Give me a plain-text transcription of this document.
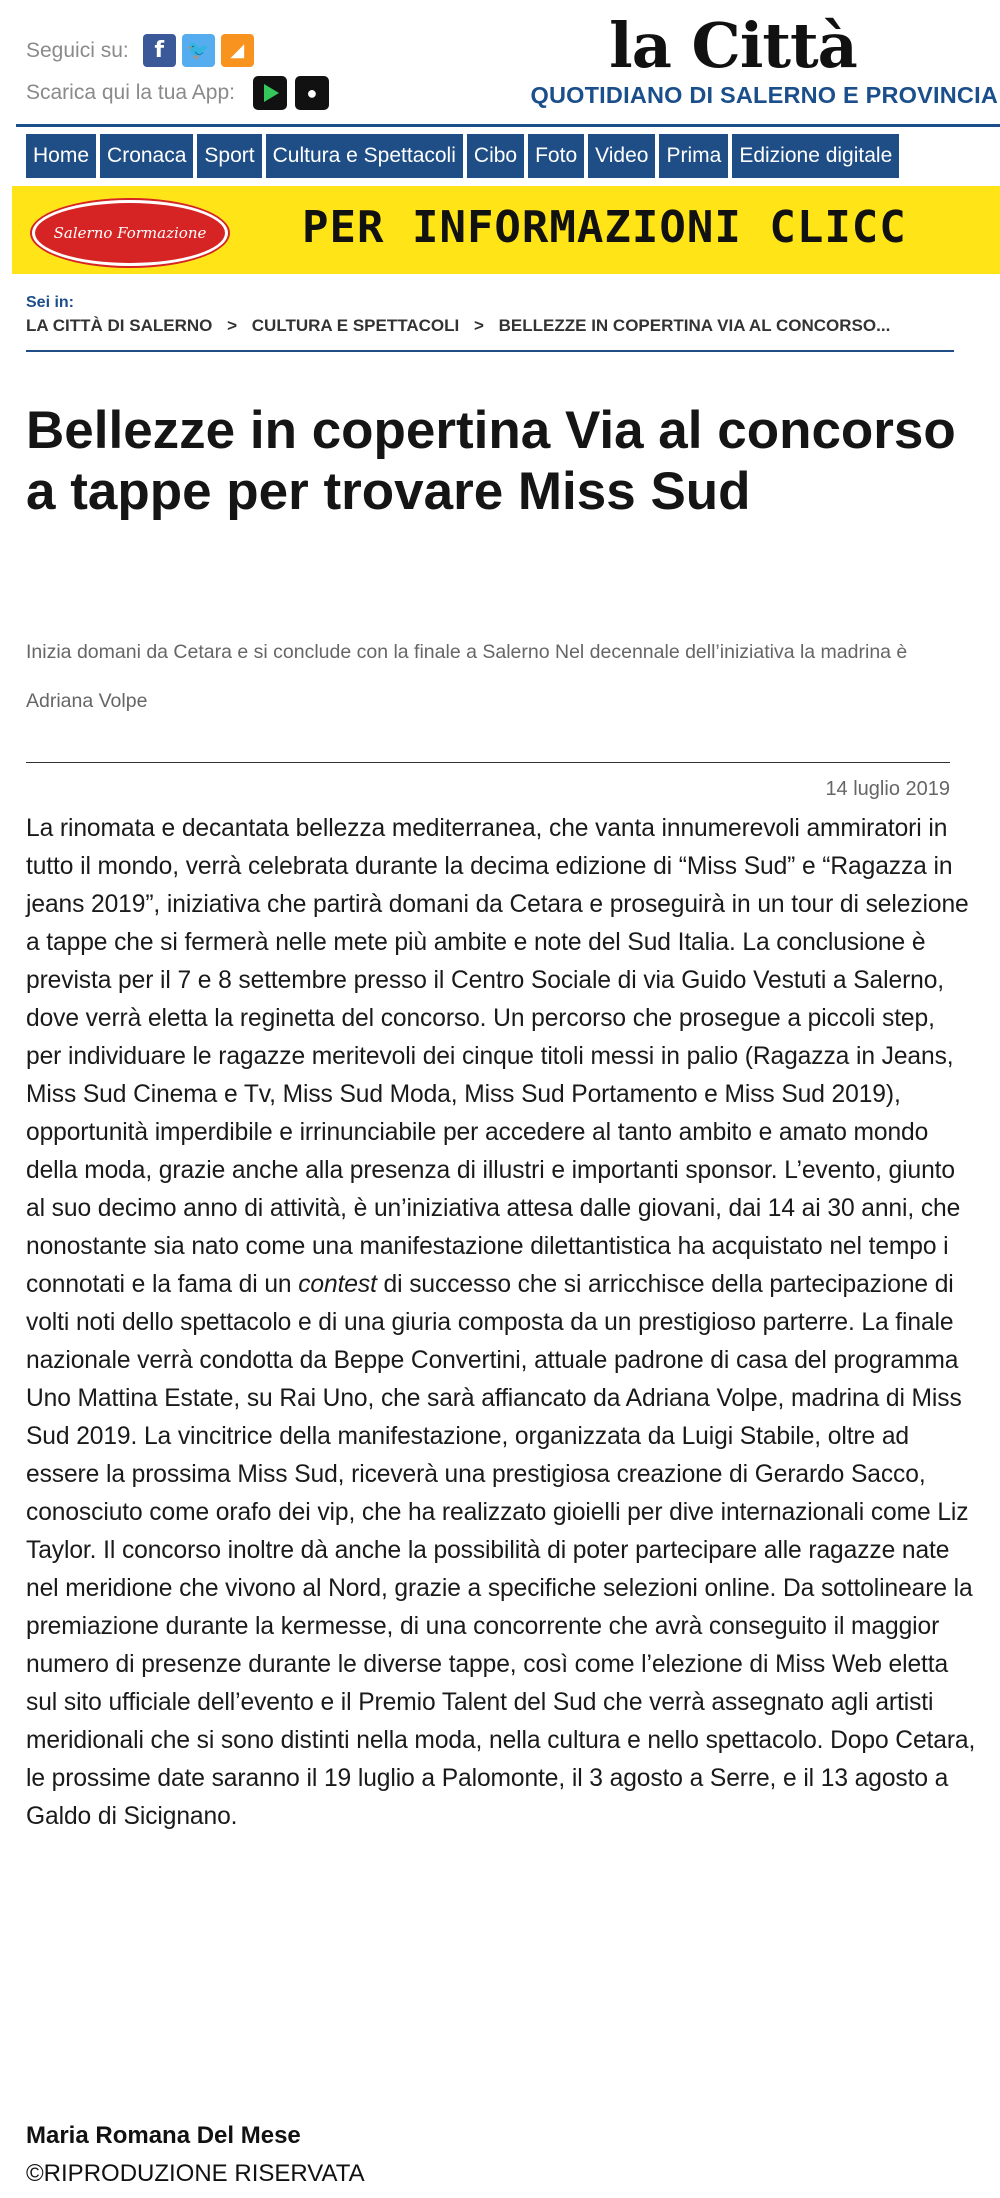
Seguici su:	f	🐦	◢
Scarica qui la tua App:	●
la Città
QUOTIDIANO DI SALERNO E PROVINCIA
Home Cronaca Sport Cultura e Spettacoli Cibo Foto Video Prima Edizione digitale
Salerno Formazione	PER INFORMAZIONI CLICC
Sei in:
LA CITTÀ DI SALERNO > CULTURA E SPETTACOLI > BELLEZZE IN COPERTINA VIA AL CONCORSO...
Bellezze in copertina Via al concorso a tappe per trovare Miss Sud
Inizia domani da Cetara e si conclude con la finale a Salerno Nel decennale dell’iniziativa la madrina è Adriana Volpe
14 luglio 2019
La rinomata e decantata bellezza mediterranea, che vanta innumerevoli ammiratori in tutto il mondo, verrà celebrata durante la decima edizione di “Miss Sud” e “Ragazza in jeans 2019”, iniziativa che partirà domani da Cetara e proseguirà in un tour di selezione a tappe che si fermerà nelle mete più ambite e note del Sud Italia. La conclusione è prevista per il 7 e 8 settembre presso il Centro Sociale di via Guido Vestuti a Salerno, dove verrà eletta la reginetta del concorso. Un percorso che prosegue a piccoli step, per individuare le ragazze meritevoli dei cinque titoli messi in palio (Ragazza in Jeans, Miss Sud Cinema e Tv, Miss Sud Moda, Miss Sud Portamento e Miss Sud 2019), opportunità imperdibile e irrinunciabile per accedere al tanto ambito e amato mondo della moda, grazie anche alla presenza di illustri e importanti sponsor. L’evento, giunto al suo decimo anno di attività, è un’iniziativa attesa dalle giovani, dai 14 ai 30 anni, che nonostante sia nato come una manifestazione dilettantistica ha acquistato nel tempo i connotati e la fama di un contest di successo che si arricchisce della partecipazione di volti noti dello spettacolo e di una giuria composta da un prestigioso parterre. La finale nazionale verrà condotta da Beppe Convertini, attuale padrone di casa del programma Uno Mattina Estate, su Rai Uno, che sarà affiancato da Adriana Volpe, madrina di Miss Sud 2019. La vincitrice della manifestazione, organizzata da Luigi Stabile, oltre ad essere la prossima Miss Sud, riceverà una prestigiosa creazione di Gerardo Sacco, conosciuto come orafo dei vip, che ha realizzato gioielli per dive internazionali come Liz Taylor. Il concorso inoltre dà anche la possibilità di poter partecipare alle ragazze nate nel meridione che vivono al Nord, grazie a specifiche selezioni online. Da sottolineare la premiazione durante la kermesse, di una concorrente che avrà conseguito il maggior numero di presenze durante le diverse tappe, così come l’elezione di Miss Web eletta sul sito ufficiale dell’evento e il Premio Talent del Sud che verrà assegnato agli artisti meridionali che si sono distinti nella moda, nella cultura e nello spettacolo. Dopo Cetara, le prossime date saranno il 19 luglio a Palomonte, il 3 agosto a Serre, e il 13 agosto a Galdo di Sicignano.
Maria Romana Del Mese
©RIPRODUZIONE RISERVATA
